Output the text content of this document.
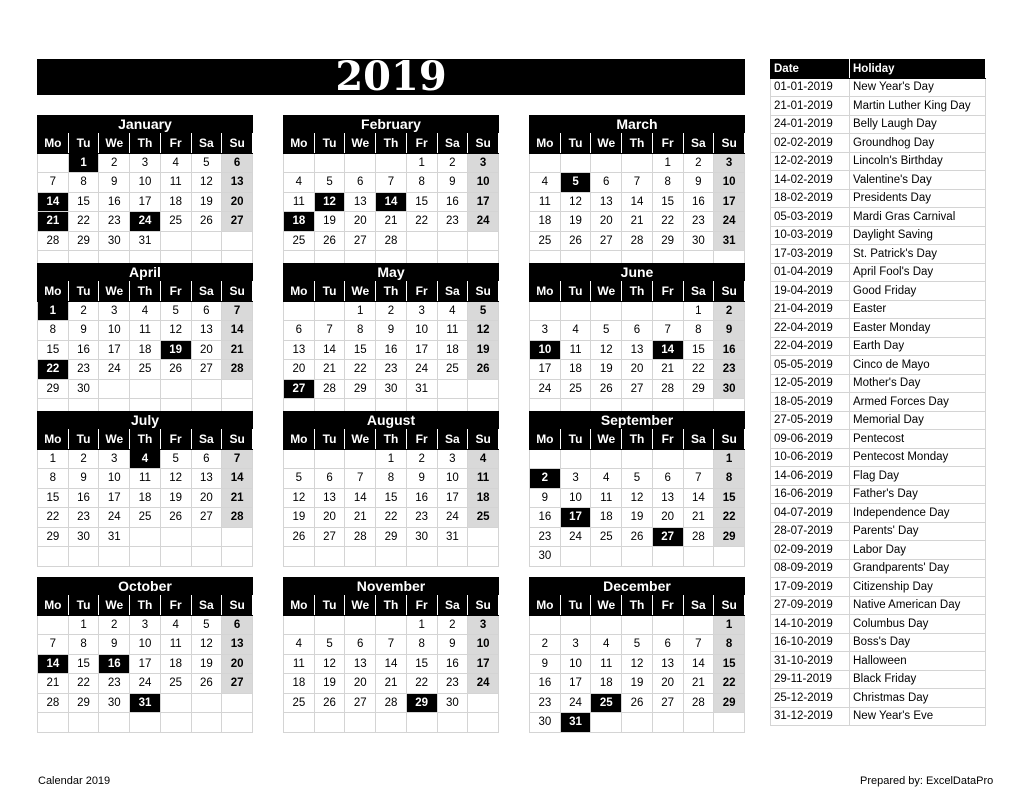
2019
January
Mo	Tu	We	Th	Fr	Sa	Su
	1	2	3	4	5	6
7	8	9	10	11	12	13
14	15	16	17	18	19	20
21	22	23	24	25	26	27
28	29	30	31			

February
Mo	Tu	We	Th	Fr	Sa	Su
				1	2	3
4	5	6	7	8	9	10
11	12	13	14	15	16	17
18	19	20	21	22	23	24
25	26	27	28			

March
Mo	Tu	We	Th	Fr	Sa	Su
				1	2	3
4	5	6	7	8	9	10
11	12	13	14	15	16	17
18	19	20	21	22	23	24
25	26	27	28	29	30	31

April
Mo	Tu	We	Th	Fr	Sa	Su
1	2	3	4	5	6	7
8	9	10	11	12	13	14
15	16	17	18	19	20	21
22	23	24	25	26	27	28
29	30					

May
Mo	Tu	We	Th	Fr	Sa	Su
		1	2	3	4	5
6	7	8	9	10	11	12
13	14	15	16	17	18	19
20	21	22	23	24	25	26
27	28	29	30	31		

June
Mo	Tu	We	Th	Fr	Sa	Su
					1	2
3	4	5	6	7	8	9
10	11	12	13	14	15	16
17	18	19	20	21	22	23
24	25	26	27	28	29	30

July
Mo	Tu	We	Th	Fr	Sa	Su
1	2	3	4	5	6	7
8	9	10	11	12	13	14
15	16	17	18	19	20	21
22	23	24	25	26	27	28
29	30	31				

August
Mo	Tu	We	Th	Fr	Sa	Su
			1	2	3	4
5	6	7	8	9	10	11
12	13	14	15	16	17	18
19	20	21	22	23	24	25
26	27	28	29	30	31	

September
Mo	Tu	We	Th	Fr	Sa	Su
						1
2	3	4	5	6	7	8
9	10	11	12	13	14	15
16	17	18	19	20	21	22
23	24	25	26	27	28	29
30						
October
Mo	Tu	We	Th	Fr	Sa	Su
	1	2	3	4	5	6
7	8	9	10	11	12	13
14	15	16	17	18	19	20
21	22	23	24	25	26	27
28	29	30	31			

November
Mo	Tu	We	Th	Fr	Sa	Su
				1	2	3
4	5	6	7	8	9	10
11	12	13	14	15	16	17
18	19	20	21	22	23	24
25	26	27	28	29	30	

December
Mo	Tu	We	Th	Fr	Sa	Su
						1
2	3	4	5	6	7	8
9	10	11	12	13	14	15
16	17	18	19	20	21	22
23	24	25	26	27	28	29
30	31					
Date	Holiday
01-01-2019	New Year's Day
21-01-2019	Martin Luther King Day
24-01-2019	Belly Laugh Day
02-02-2019	Groundhog Day
12-02-2019	Lincoln's Birthday
14-02-2019	Valentine's Day
18-02-2019	Presidents Day
05-03-2019	Mardi Gras Carnival
10-03-2019	Daylight Saving
17-03-2019	St. Patrick's Day
01-04-2019	April Fool's Day
19-04-2019	Good Friday
21-04-2019	Easter
22-04-2019	Easter Monday
22-04-2019	Earth Day
05-05-2019	Cinco de Mayo
12-05-2019	Mother's Day
18-05-2019	Armed Forces Day
27-05-2019	Memorial Day
09-06-2019	Pentecost
10-06-2019	Pentecost Monday
14-06-2019	Flag Day
16-06-2019	Father's Day
04-07-2019	Independence Day
28-07-2019	Parents' Day
02-09-2019	Labor Day
08-09-2019	Grandparents' Day
17-09-2019	Citizenship Day
27-09-2019	Native American Day
14-10-2019	Columbus Day
16-10-2019	Boss's Day
31-10-2019	Halloween
29-11-2019	Black Friday
25-12-2019	Christmas Day
31-12-2019	New Year's Eve
Calendar 2019	Prepared by: ExcelDataPro
